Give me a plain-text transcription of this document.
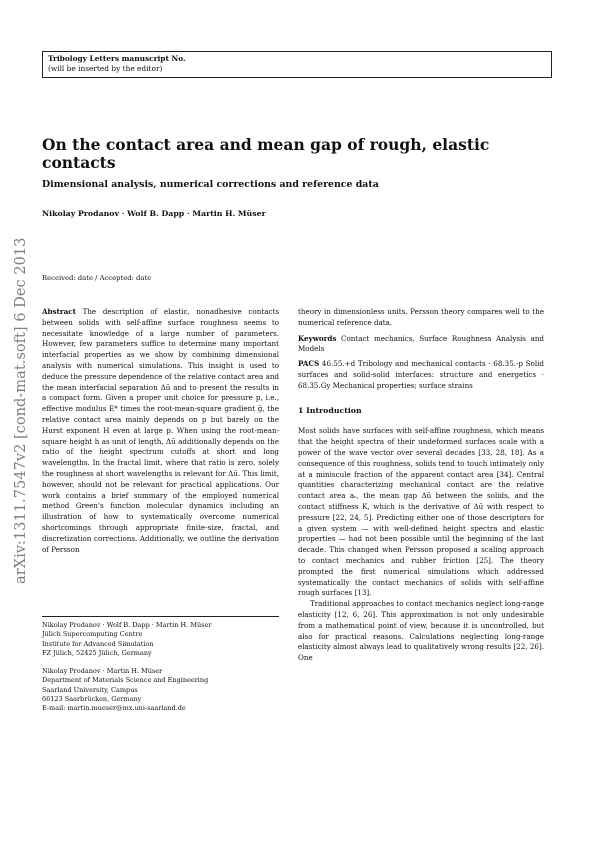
Tribology Letters manuscript No.
(will be inserted by the editor)
arXiv:1311.7547v2 [cond-mat.soft] 6 Dec 2013
On the contact area and mean gap of rough, elastic contacts
Dimensional analysis, numerical corrections and reference data
Nikolay Prodanov · Wolf B. Dapp · Martin H. Müser
Received: date / Accepted: date
Abstract The description of elastic, nonadhesive contacts between solids with self-affine surface roughness seems to necessitate knowledge of a large number of parameters. However, few parameters suffice to determine many important interfacial properties as we show by combining dimensional analysis with numerical simulations. This insight is used to deduce the pressure dependence of the relative contact area and the mean interfacial separation Δū and to present the results in a compact form. Given a proper unit choice for pressure p, i.e., effective modulus E* times the root-mean-square gradient ḡ, the relative contact area mainly depends on p but barely on the Hurst exponent H even at large p. When using the root-mean-square height h as unit of length, Δū additionally depends on the ratio of the height spectrum cutoffs at short and long wavelengths. In the fractal limit, where that ratio is zero, solely the roughness at short wavelengths is relevant for Δū. This limit, however, should not be relevant for practical applications. Our work contains a brief summary of the employed numerical method Green's function molecular dynamics including an illustration of how to systematically overcome numerical shortcomings through appropriate finite-size, fractal, and discretization corrections. Additionally, we outline the derivation of Persson
Nikolay Prodanov · Wolf B. Dapp · Martin H. Müser
Jülich Supercomputing Centre
Institute for Advanced Simulation
FZ Jülich, 52425 Jülich, Germany
Nikolay Prodanov · Martin H. Müser
Department of Materials Science and Engineering
Saarland University, Campus
66123 Saarbrücken, Germany
E-mail: martin.mueser@mx.uni-saarland.de
theory in dimensionless units. Persson theory compares well to the numerical reference data.
Keywords Contact mechanics, Surface Roughness Analysis and Models
PACS 46.55.+d Tribology and mechanical contacts · 68.35.-p Solid surfaces and solid-solid interfaces: structure and energetics · 68.35.Gy Mechanical properties; surface strains
1 Introduction
Most solids have surfaces with self-affine roughness, which means that the height spectra of their undeformed surfaces scale with a power of the wave vector over several decades [33, 28, 18]. As a consequence of this roughness, solids tend to touch intimately only at a miniscule fraction of the apparent contact area [34]. Central quantities characterizing mechanical contact are the relative contact area aᵣ, the mean gap Δū between the solids, and the contact stiffness K, which is the derivative of Δū with respect to pressure [22, 24, 5]. Predicting either one of those descriptors for a given system — with well-defined height spectra and elastic properties — had not been possible until the beginning of the last decade. This changed when Persson proposed a scaling approach to contact mechanics and rubber friction [25]. The theory prompted the first numerical simulations which addressed systematically the contact mechanics of solids with self-affine rough surfaces [13].
Traditional approaches to contact mechanics neglect long-range elasticity [12, 6, 26]. This approximation is not only undesirable from a mathematical point of view, because it is uncontrolled, but also for practical reasons. Calculations neglecting long-range elasticity almost always lead to qualitatively wrong results [22, 26]. One
